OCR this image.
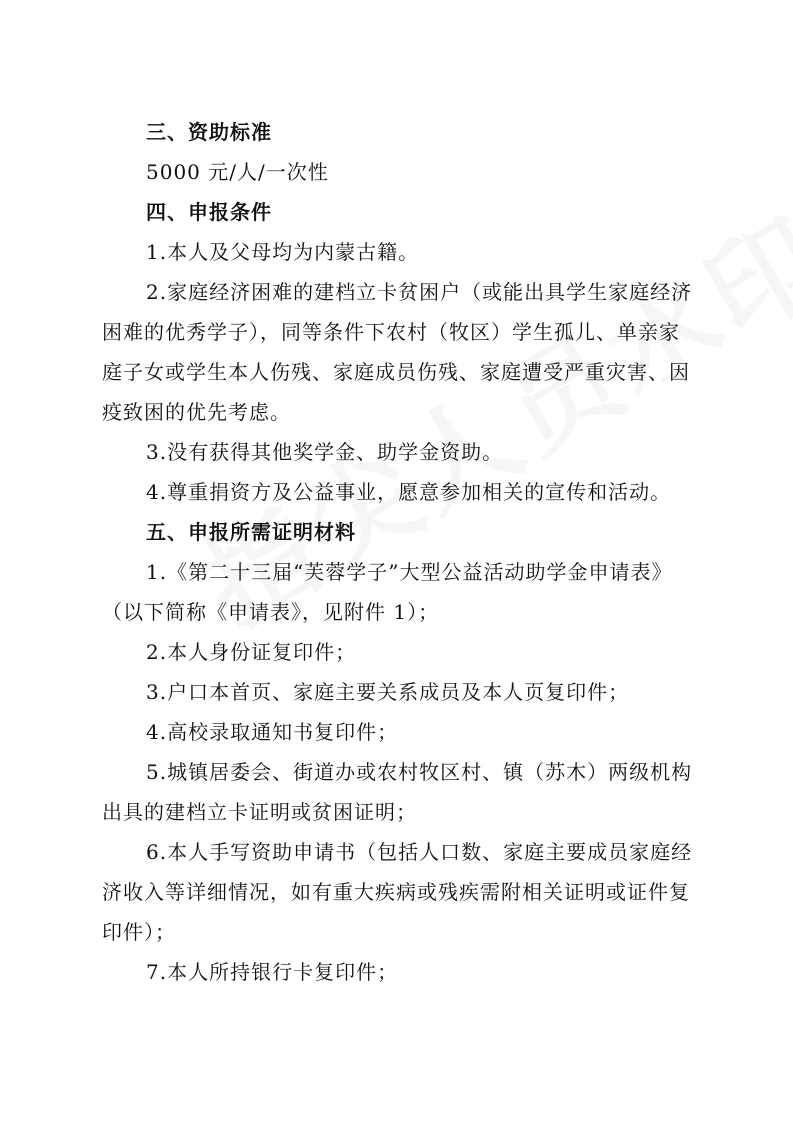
三、资助标准

5000 元/人/一次性

四、申报条件

1.本人及父母均为内蒙古籍。

2.家庭经济困难的建档立卡贫困户（或能出具学生家庭经济

困难的优秀学子），同等条件下农村（牧区）学生孤儿、单亲家

庭子女或学生本人伤残、家庭成员伤残、家庭遭受严重灾害、因

疫致困的优先考虑。

3.没有获得其他奖学金、助学金资助。

4.尊重捐资方及公益事业，愿意参加相关的宣传和活动。

五、申报所需证明材料

1.《第二十三届“芙蓉学子”大型公益活动助学金申请表》

（以下简称《申请表》，见附件 1）；

2.本人身份证复印件；

3.户口本首页、家庭主要关系成员及本人页复印件；

4.高校录取通知书复印件；

5.城镇居委会、街道办或农村牧区村、镇（苏木）两级机构

出具的建档立卡证明或贫困证明；

6.本人手写资助申请书（包括人口数、家庭主要成员家庭经

济收入等详细情况，如有重大疾病或残疾需附相关证明或证件复

印件）；

7.本人所持银行卡复印件；
